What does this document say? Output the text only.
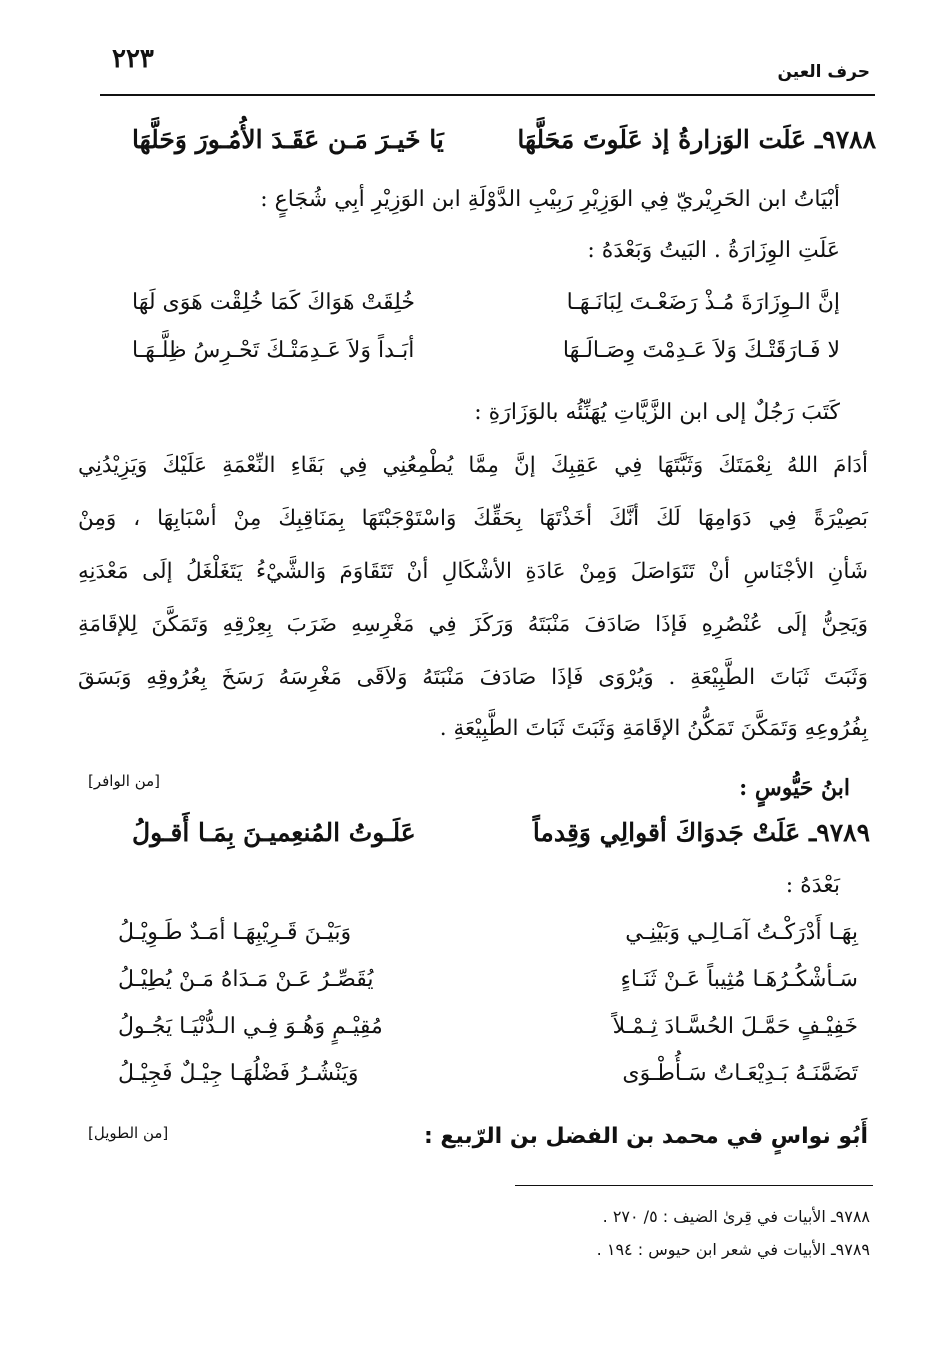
حرف العين
٢٢٣
٩٧٨٨ـ عَلَت الوَزارةُ إذ عَلَوتَ مَحَلَّهَا
يَا خَيـرَ مَـن عَقَـدَ الأُمُـورَ وَحَلَّهَا
أبْيَاتُ ابن الحَرِيْريّ فِي الوَزِيْرِ رَبِيْبِ الدَّوْلَةِ ابن الوَزِيْرِ أبِي شُجَاعٍ :
عَلَتِ الوِزَارَةُ . البَيتُ وَبَعْدَهُ :
إنَّ الـوِزَارَةَ مُـذْ رَضَعْـتَ لِبَانَـهَـا
خُلِقَتْ هَوَاكَ كَمَا خُلِقْت هَوَى لَهَا
لا فَـارَقَتْـكَ وَلاَ عَـدِمْتَ وِصَـالَـهَا
أبَـداً وَلاَ عَـدِمَتْـكَ تَحْـرِسُ ظِلَّـهَـا
كَتَبَ رَجُلٌ إلى ابن الزَّيَّاتِ يُهَنِّئُه بالوَزَارَةِ :
أدَامَ اللهُ نِعْمَتَكَ وَثَبَّتَهَا فِي عَقِبِكَ إنَّ مِمَّا يُطْمِعُنِي فِي بَقَاءِ النِّعْمَةِ عَلَيْكَ وَيَزِيْدُنِي
بَصِيْرَةً فِي دَوَامِهَا لَكَ أنَّكَ أخَذْتَهَا بِحَقِّكَ وَاسْتَوْجَبْتَهَا بِمَنَاقِبِكَ مِنْ أسْبَابِهَا ، وَمِنْ
شَأنِ الأجْنَاسِ أنْ تَتَوَاصَلَ وَمِنْ عَادَةِ الأشْكَالِ أنْ تَتَقَاوَمَ وَالشَّيْءُ يَتَغَلْغَلُ إلَى مَعْدَنِهِ
وَيَحِنُّ إلَى عُنْصُرِهِ فَإذَا صَادَفَ مَنْبَتَهُ وَرَكَزَ فِي مَغْرِسِهِ ضَرَبَ بِعِرْقِهِ وَتَمَكَّنَ لِلإقَامَةِ
وَثَبَتَ ثَبَاتَ الطَّبِيْعَةِ . وَيُرْوَى فَإذَا صَادَفَ مَنْبَتَهُ وَلاَقَى مَغْرِسَهُ رَسَخَ بِعُرُوقِهِ وَبَسَقَ
بِفُرُوعِهِ وَتَمَكَّنَ تَمَكُّنُ الإقَامَةِ وَثَبَتَ ثَبَاتَ الطَّبِيْعَةِ .
ابنُ حَيُّوسٍ :
[من الوافر]
٩٧٨٩ـ عَلَتْ جَدوَاكَ أقوالِي وَقِدماً
عَلَـوتُ المُنعِميـنَ بِمَـا أَقـولُ
بَعْدَهُ :
بِهَـا أَدْرَكْـتُ آمَـالِـي وَبَيْنِـي
وَبَيْـنَ قَـرِيْبِهَـا أمَـدٌ طَـوِيْـلُ
سَـأشْكُـرُهَـا مُثِيباً عَـنْ ثَنَـاءٍ
يُقَصِّـرُ عَـنْ مَـدَاهُ مَـنْ يُطِيْـلُ
خَفِيْـفٍ حَمَّـلَ الحُسَّـادَ ثِـمْـلاً
مُقِيْـمٍ وَهُـوَ فِـي الـدُّنْيَـا يَجُـولُ
تَضَمَّنَـهُ بَـدِيْعَـاتٌ سَـأُطْـوَى
وَيَنْشُـرُ فَضْلُهَـا جِيْـلٌ فَجِيْـلُ
أَبُو نواسٍ في محمد بن الفضل بن الرّبيع :
[من الطويل]
٩٧٨٨ـ الأبيات في قِرىٰ الضيف : ٥/ ٢٧٠ .
٩٧٨٩ـ الأبيات في شعر ابن حيوس : ١٩٤ .
